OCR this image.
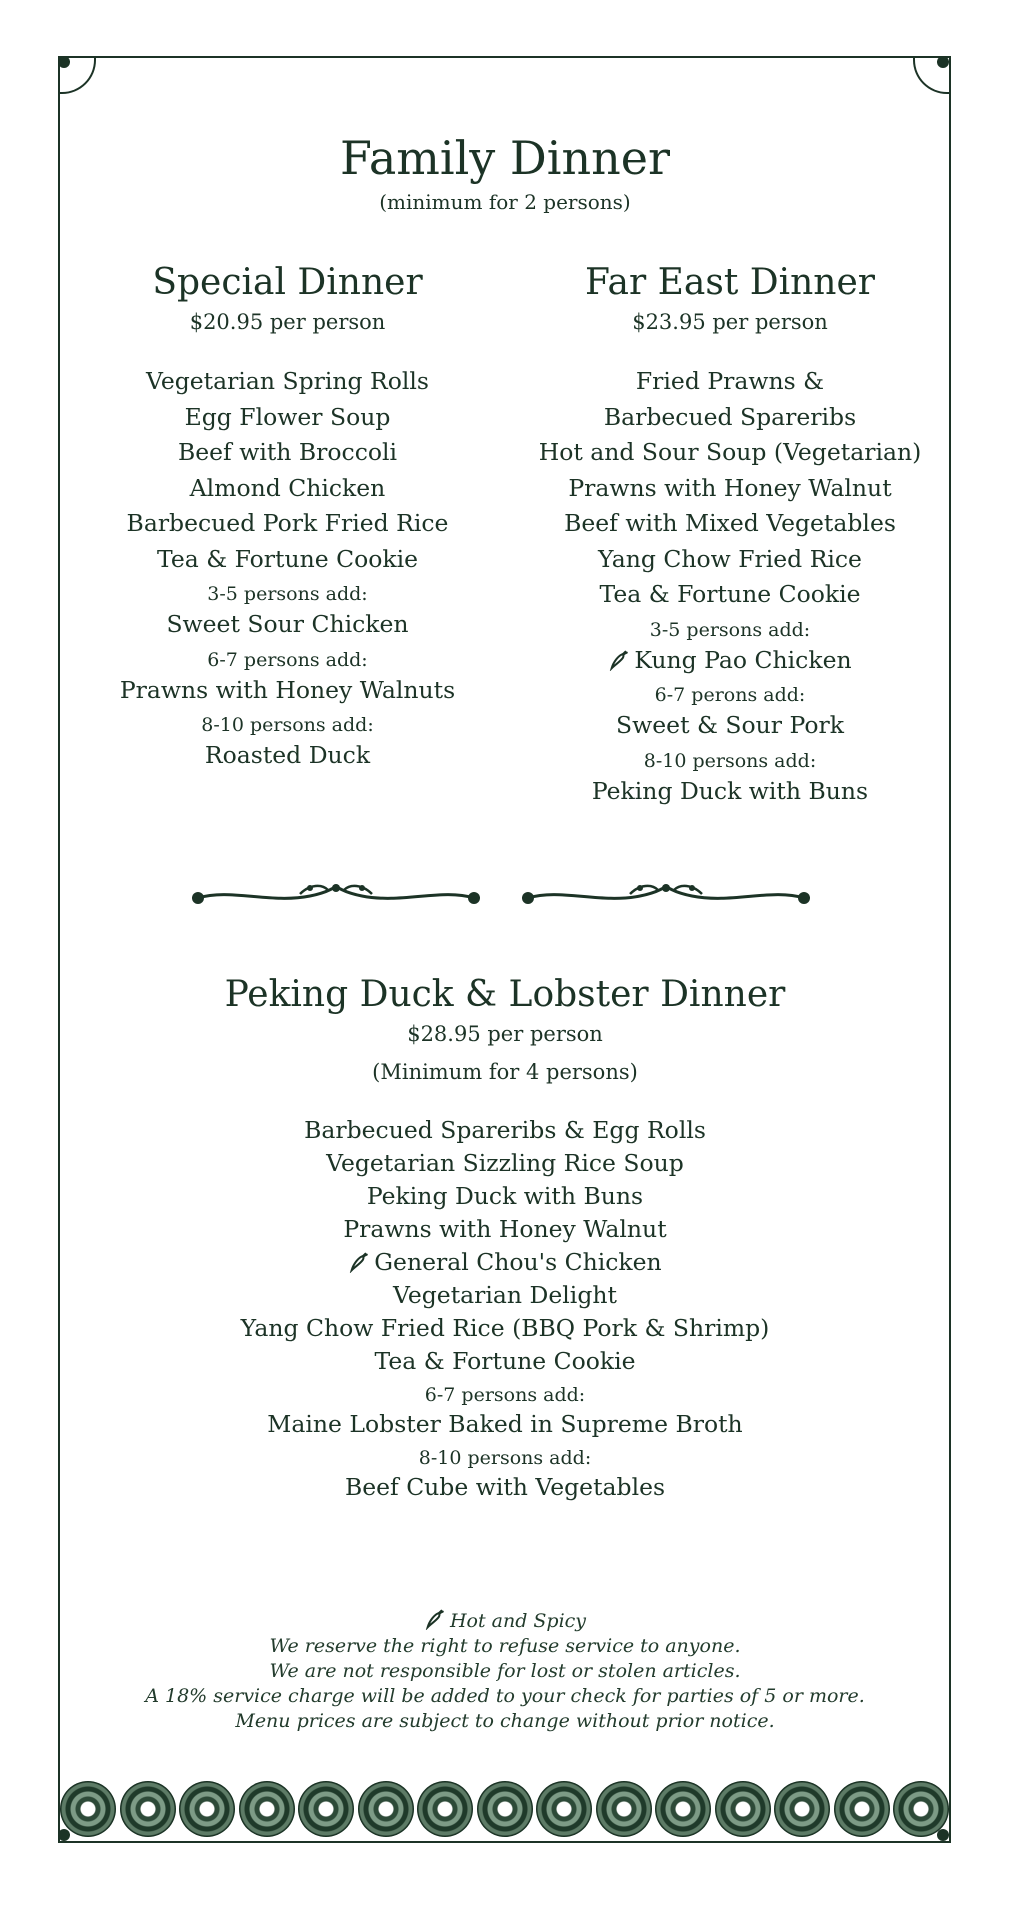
Family Dinner
(minimum for 2 persons)
Special Dinner
$20.95 per person
Vegetarian Spring Rolls
Egg Flower Soup
Beef with Broccoli
Almond Chicken
Barbecued Pork Fried Rice
Tea & Fortune Cookie
3-5 persons add:
Sweet Sour Chicken
6-7 persons add:
Prawns with Honey Walnuts
8-10 persons add:
Roasted Duck
Far East Dinner
$23.95 per person
Fried Prawns &
Barbecued Spareribs
Hot and Sour Soup (Vegetarian)
Prawns with Honey Walnut
Beef with Mixed Vegetables
Yang Chow Fried Rice
Tea & Fortune Cookie
3-5 persons add:
Kung Pao Chicken
6-7 perons add:
Sweet & Sour Pork
8-10 persons add:
Peking Duck with Buns
Peking Duck & Lobster Dinner
$28.95 per person
(Minimum for 4 persons)
Barbecued Spareribs & Egg Rolls
Vegetarian Sizzling Rice Soup
Peking Duck with Buns
Prawns with Honey Walnut
General Chou's Chicken
Vegetarian Delight
Yang Chow Fried Rice (BBQ Pork & Shrimp)
Tea & Fortune Cookie
6-7 persons add:
Maine Lobster Baked in Supreme Broth
8-10 persons add:
Beef Cube with Vegetables
Hot and Spicy
We reserve the right to refuse service to anyone.
We are not responsible for lost or stolen articles.
A 18% service charge will be added to your check for parties of 5 or more.
Menu prices are subject to change without prior notice.
